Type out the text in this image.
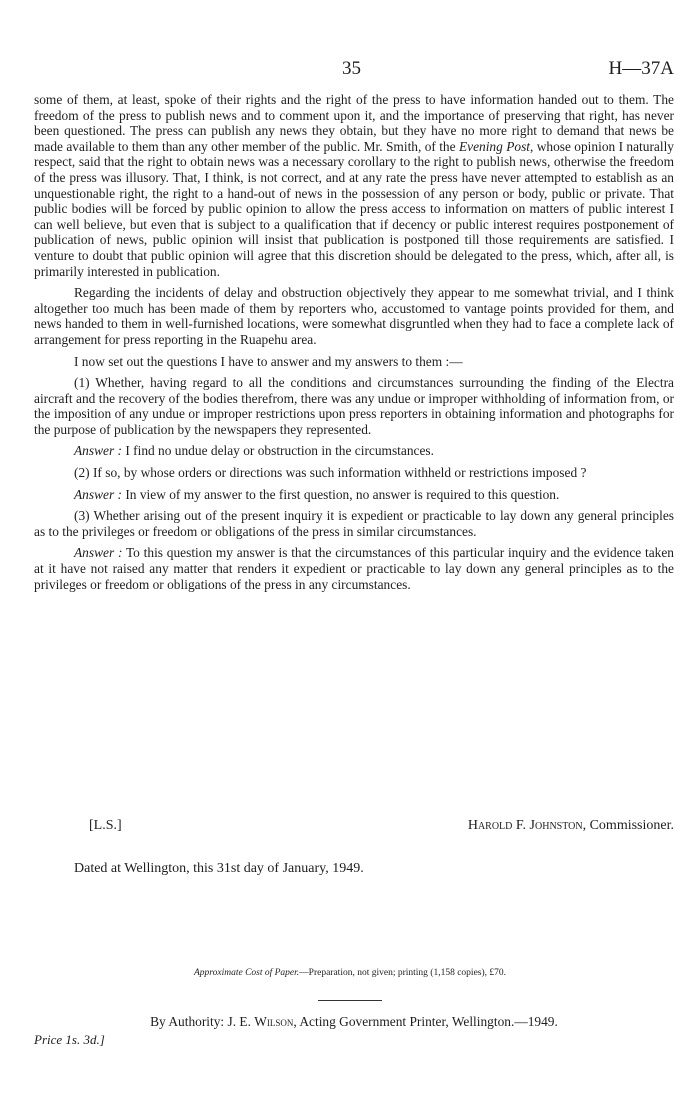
35	H—37A

some of them, at least, spoke of their rights and the right of the press to have information handed out to them. The freedom of the press to publish news and to comment upon it, and the importance of preserving that right, has never been questioned. The press can publish any news they obtain, but they have no more right to demand that news be made available to them than any other member of the public. Mr. Smith, of the Evening Post, whose opinion I naturally respect, said that the right to obtain news was a necessary corollary to the right to publish news, otherwise the freedom of the press was illusory. That, I think, is not correct, and at any rate the press have never attempted to establish as an unquestionable right, the right to a hand-out of news in the possession of any person or body, public or private. That public bodies will be forced by public opinion to allow the press access to information on matters of public interest I can well believe, but even that is subject to a qualification that if decency or public interest requires postponement of publication of news, public opinion will insist that publication is postponed till those requirements are satisfied. I venture to doubt that public opinion will agree that this discretion should be delegated to the press, which, after all, is primarily interested in publication.

Regarding the incidents of delay and obstruction objectively they appear to me somewhat trivial, and I think altogether too much has been made of them by reporters who, accustomed to vantage points provided for them, and news handed to them in well-furnished locations, were somewhat disgruntled when they had to face a complete lack of arrangement for press reporting in the Ruapehu area.

I now set out the questions I have to answer and my answers to them :—

(1) Whether, having regard to all the conditions and circumstances surrounding the finding of the Electra aircraft and the recovery of the bodies therefrom, there was any undue or improper withholding of information from, or the imposition of any undue or improper restrictions upon press reporters in obtaining information and photographs for the purpose of publication by the newspapers they represented.

Answer : I find no undue delay or obstruction in the circumstances.

(2) If so, by whose orders or directions was such information withheld or restrictions imposed ?

Answer : In view of my answer to the first question, no answer is required to this question.

(3) Whether arising out of the present inquiry it is expedient or practicable to lay down any general principles as to the privileges or freedom or obligations of the press in similar circumstances.

Answer : To this question my answer is that the circumstances of this particular inquiry and the evidence taken at it have not raised any matter that renders it expedient or practicable to lay down any general principles as to the privileges or freedom or obligations of the press in any circumstances.

[L.S.]	Harold F. Johnston, Commissioner.
Dated at Wellington, this 31st day of January, 1949.
Approximate Cost of Paper.—Preparation, not given; printing (1,158 copies), £70.
By Authority: J. E. Wilson, Acting Government Printer, Wellington.—1949.
Price 1s. 3d.]
